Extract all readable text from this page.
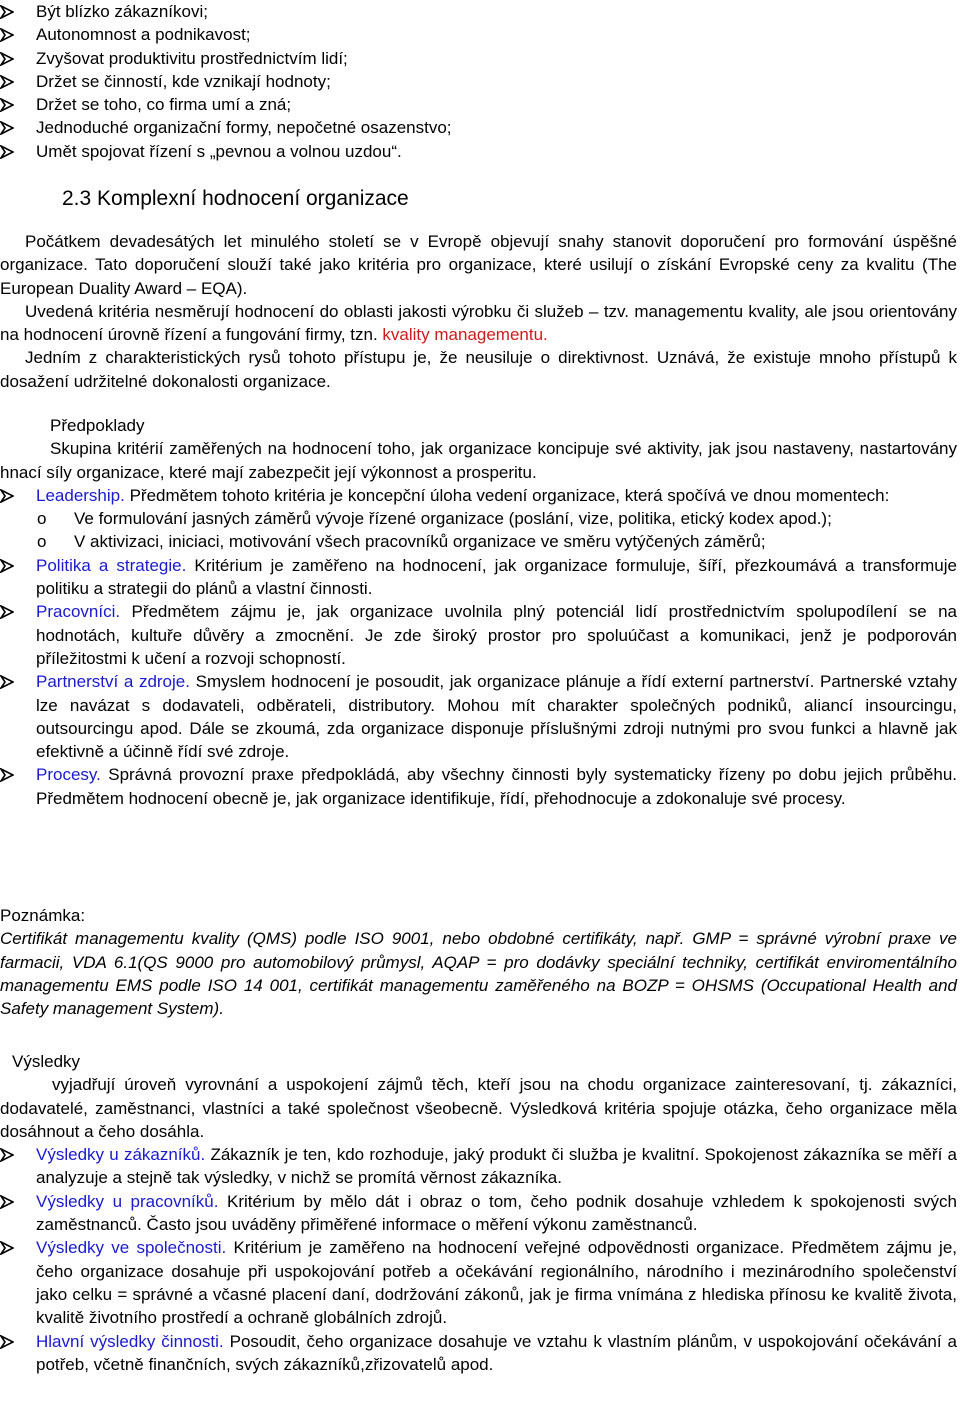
Být blízko zákazníkovi;
Autonomnost a podnikavost;
Zvyšovat produktivitu prostřednictvím lidí;
Držet se činností, kde vznikají hodnoty;
Držet se toho, co firma umí a zná;
Jednoduché organizační formy, nepočetné osazenstvo;
Umět spojovat řízení s „pevnou a volnou uzdou“.
2.3 Komplexní hodnocení organizace

Počátkem devadesátých let minulého století se v Evropě objevují snahy stanovit doporučení pro formování úspěšné organizace. Tato doporučení slouží také jako kritéria pro organizace, které usilují o získání Evropské ceny za kvalitu (The European Duality Award – EQA).

Uvedená kritéria nesměrují hodnocení do oblasti jakosti výrobku či služeb – tzv. managementu kvality, ale jsou orientovány na hodnocení úrovně řízení a fungování firmy, tzn. kvality managementu.

Jedním z charakteristických rysů tohoto přístupu je, že neusiluje o direktivnost. Uznává, že existuje mnoho přístupů k dosažení udržitelné dokonalosti organizace.

Předpoklady

Skupina kritérií zaměřených na hodnocení toho, jak organizace koncipuje své aktivity, jak jsou nastaveny, nastartovány hnací síly organizace, které mají zabezpečit její výkonnost a prosperitu.

Leadership. Předmětem tohoto kritéria je koncepční úloha vedení organizace, která spočívá ve dnou momentech:

o Ve formulování jasných záměrů vývoje řízené organizace (poslání, vize, politika, etický kodex apod.);

o V aktivizaci, iniciaci, motivování všech pracovníků organizace ve směru vytýčených záměrů;

Politika a strategie. Kritérium je zaměřeno na hodnocení, jak organizace formuluje, šíří, přezkoumává a transformuje politiku a strategii do plánů a vlastní činnosti.

Pracovníci. Předmětem zájmu je, jak organizace uvolnila plný potenciál lidí prostřednictvím spolupodílení se na hodnotách, kultuře důvěry a zmocnění. Je zde široký prostor pro spoluúčast a komunikaci, jenž je podporován příležitostmi k učení a rozvoji schopností.

Partnerství a zdroje. Smyslem hodnocení je posoudit, jak organizace plánuje a řídí externí partnerství. Partnerské vztahy lze navázat s dodavateli, odběrateli, distributory. Mohou mít charakter společných podniků, aliancí insourcingu, outsourcingu apod. Dále se zkoumá, zda organizace disponuje příslušnými zdroji nutnými pro svou funkci a hlavně jak efektivně a účinně řídí své zdroje.

Procesy. Správná provozní praxe předpokládá, aby všechny činnosti byly systematicky řízeny po dobu jejich průběhu. Předmětem hodnocení obecně je, jak organizace identifikuje, řídí, přehodnocuje a zdokonaluje své procesy.

Poznámka:

Certifikát managementu kvality (QMS) podle ISO 9001, nebo obdobné certifikáty, např. GMP = správné výrobní praxe ve farmacii, VDA 6.1(QS 9000 pro automobilový průmysl, AQAP = pro dodávky speciální techniky, certifikát enviromentálního managementu EMS podle ISO 14 001, certifikát managementu zaměřeného na BOZP = OHSMS (Occupational Health and Safety management System).

Výsledky

vyjadřují úroveň vyrovnání a uspokojení zájmů těch, kteří jsou na chodu organizace zainteresovaní, tj. zákazníci, dodavatelé, zaměstnanci, vlastníci a také společnost všeobecně. Výsledková kritéria spojuje otázka, čeho organizace měla dosáhnout a čeho dosáhla.

Výsledky u zákazníků. Zákazník je ten, kdo rozhoduje, jaký produkt či služba je kvalitní. Spokojenost zákazníka se měří a analyzuje a stejně tak výsledky, v nichž se promítá věrnost zákazníka.

Výsledky u pracovníků. Kritérium by mělo dát i obraz o tom, čeho podnik dosahuje vzhledem k spokojenosti svých zaměstnanců. Často jsou uváděny přiměřené informace o měření výkonu zaměstnanců.

Výsledky ve společnosti. Kritérium je zaměřeno na hodnocení veřejné odpovědnosti organizace. Předmětem zájmu je, čeho organizace dosahuje při uspokojování potřeb a očekávání regionálního, národního i mezinárodního společenství jako celku = správné a včasné placení daní, dodržování zákonů, jak je firma vnímána z hlediska přínosu ke kvalitě života, kvalitě životního prostředí a ochraně globálních zdrojů.

Hlavní výsledky činnosti. Posoudit, čeho organizace dosahuje ve vztahu k vlastním plánům, v uspokojování očekávání a potřeb, včetně finančních, svých zákazníků,zřizovatelů apod.
